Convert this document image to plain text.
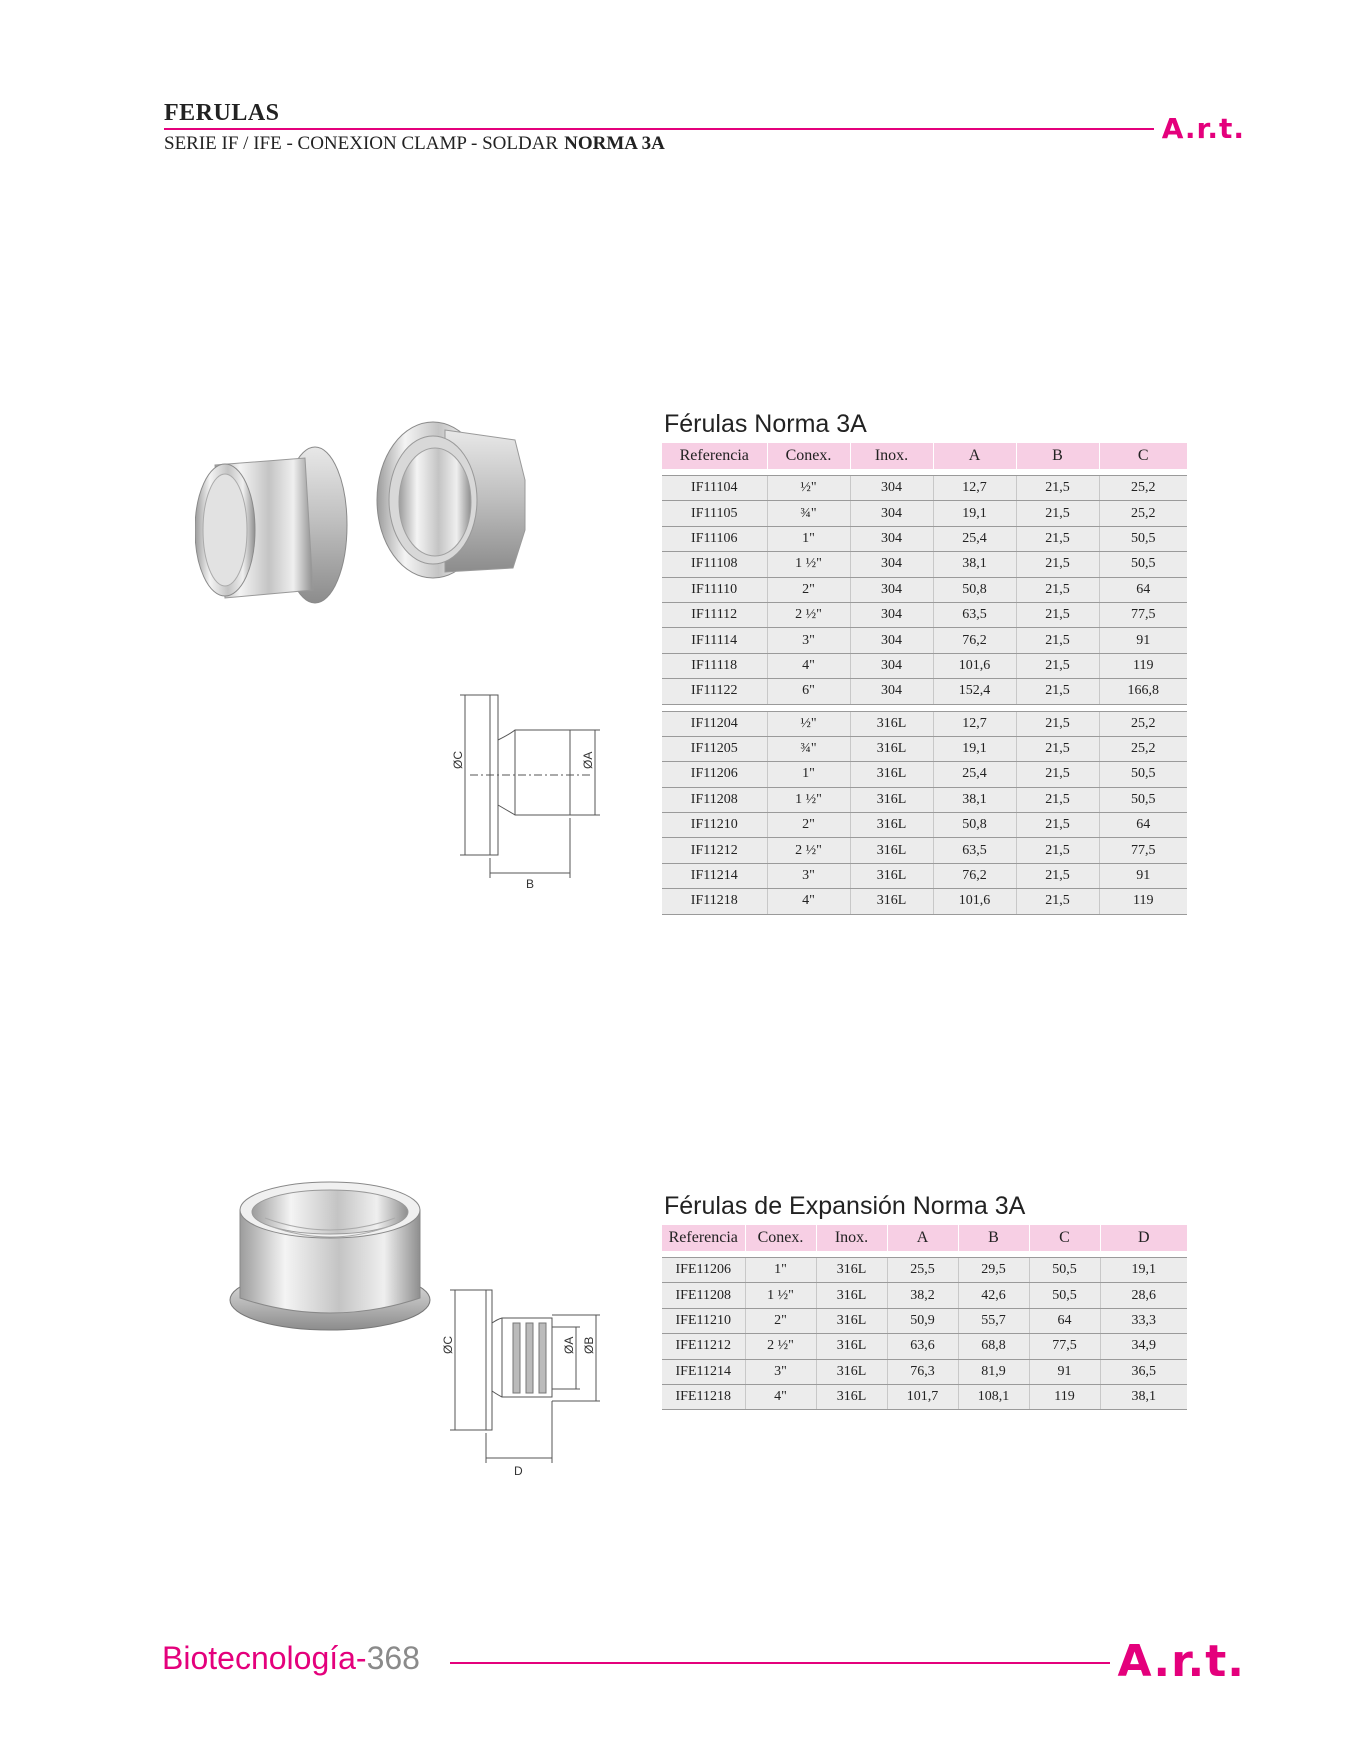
FERULAS
SERIE IF / IFE - CONEXION CLAMP - SOLDAR NORMA 3A	A.r.t.
ØC	ØA
B
Férulas Norma 3A
Referencia	Conex.	Inox.	A	B	C

IF11104	½"	304	12,7	21,5	25,2
IF11105	¾"	304	19,1	21,5	25,2
IF11106	1"	304	25,4	21,5	50,5
IF11108	1 ½"	304	38,1	21,5	50,5
IF11110	2"	304	50,8	21,5	64
IF11112	2 ½"	304	63,5	21,5	77,5
IF11114	3"	304	76,2	21,5	91
IF11118	4"	304	101,6	21,5	119
IF11122	6"	304	152,4	21,5	166,8

IF11204	½"	316L	12,7	21,5	25,2
IF11205	¾"	316L	19,1	21,5	25,2
IF11206	1"	316L	25,4	21,5	50,5
IF11208	1 ½"	316L	38,1	21,5	50,5
IF11210	2"	316L	50,8	21,5	64
IF11212	2 ½"	316L	63,5	21,5	77,5
IF11214	3"	316L	76,2	21,5	91
IF11218	4"	316L	101,6	21,5	119
ØC	ØA ØB
D
Férulas de Expansión Norma 3A
Referencia	Conex.	Inox.	A	B	C	D

IFE11206	1"	316L	25,5	29,5	50,5	19,1
IFE11208	1 ½"	316L	38,2	42,6	50,5	28,6
IFE11210	2"	316L	50,9	55,7	64	33,3
IFE11212	2 ½"	316L	63,6	68,8	77,5	34,9
IFE11214	3"	316L	76,3	81,9	91	36,5
IFE11218	4"	316L	101,7	108,1	119	38,1
Biotecnología-368	A.r.t.
